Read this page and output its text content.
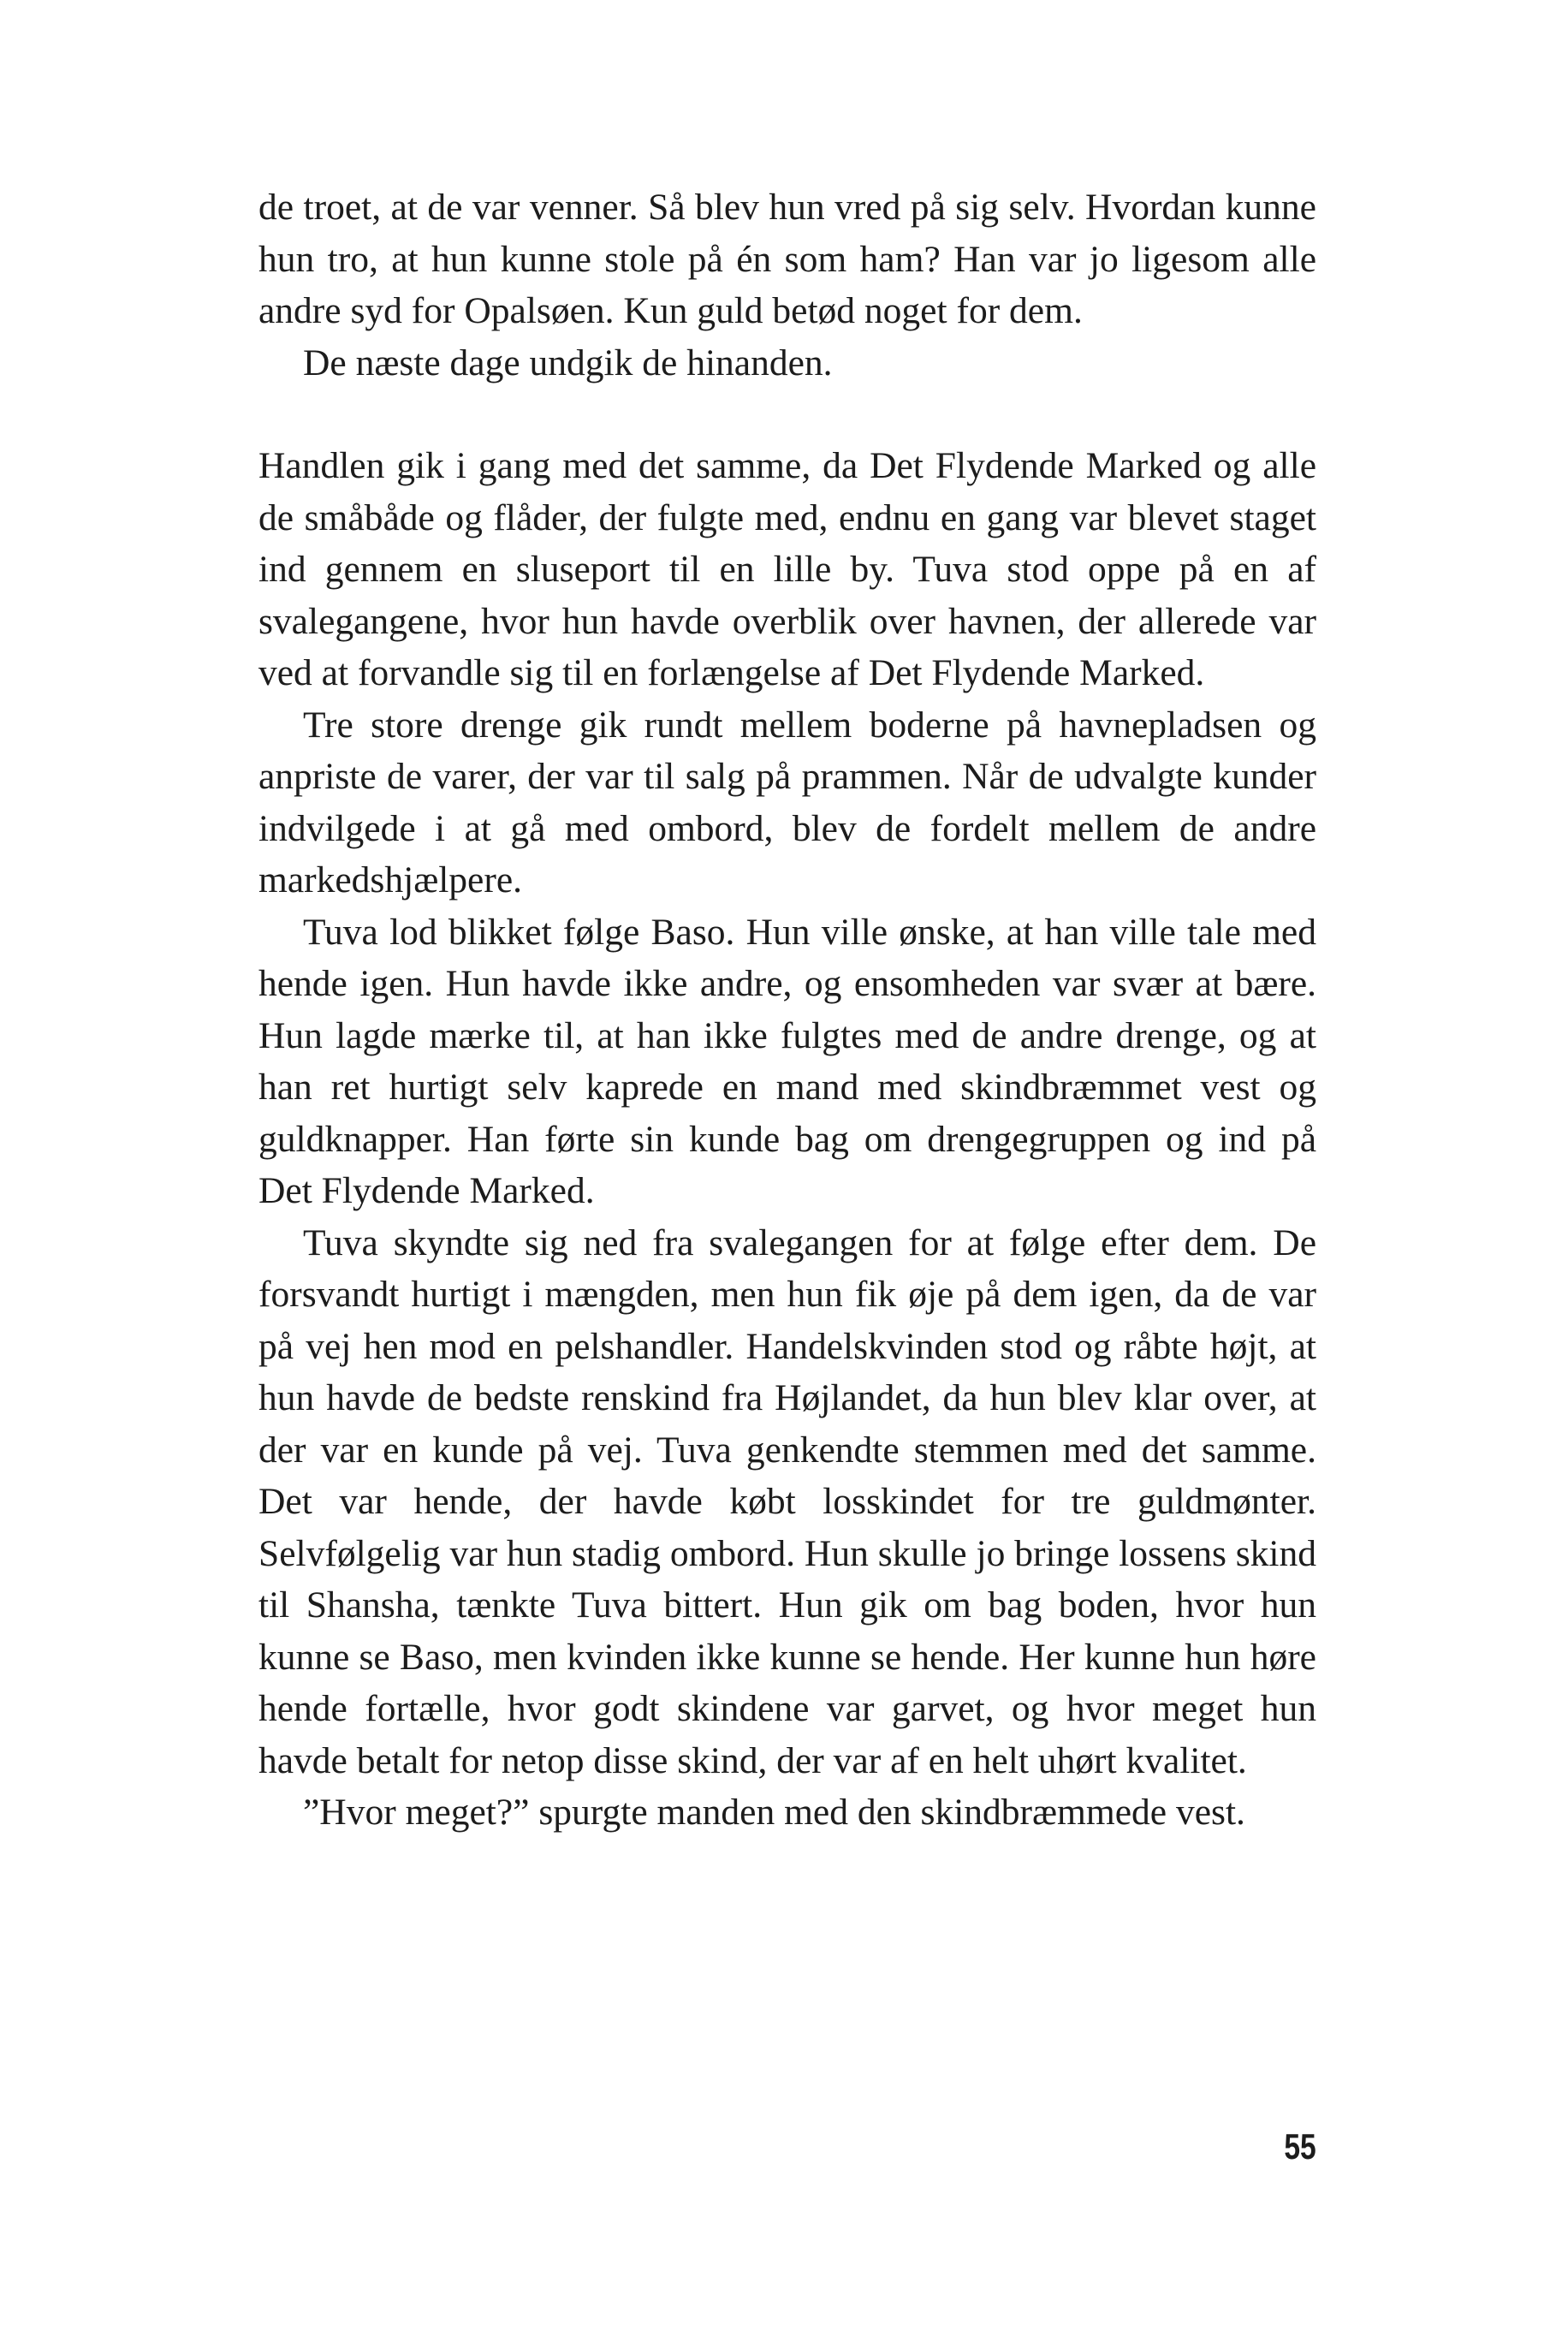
de troet, at de var venner. Så blev hun vred på sig selv. Hvordan kunne hun tro, at hun kunne stole på én som ham? Han var jo ligesom alle andre syd for Opalsøen. Kun guld betød noget for dem.

De næste dage undgik de hinanden.

Handlen gik i gang med det samme, da Det Flydende Marked og alle de småbåde og flåder, der fulgte med, endnu en gang var blevet staget ind gennem en sluseport til en lille by. Tuva stod oppe på en af svalegangene, hvor hun havde overblik over havnen, der allerede var ved at forvandle sig til en forlængelse af Det Flydende Marked.

Tre store drenge gik rundt mellem boderne på havnepladsen og anpriste de varer, der var til salg på prammen. Når de udvalgte kunder indvilgede i at gå med ombord, blev de fordelt mellem de andre markedshjælpere.

Tuva lod blikket følge Baso. Hun ville ønske, at han ville tale med hende igen. Hun havde ikke andre, og ensomheden var svær at bære. Hun lagde mærke til, at han ikke fulgtes med de andre drenge, og at han ret hurtigt selv kaprede en mand med skindbræmmet vest og guldknapper. Han førte sin kunde bag om drengegruppen og ind på Det Flydende Marked.

Tuva skyndte sig ned fra svalegangen for at følge efter dem. De forsvandt hurtigt i mængden, men hun fik øje på dem igen, da de var på vej hen mod en pelshandler. Handelskvinden stod og råbte højt, at hun havde de bedste renskind fra Højlandet, da hun blev klar over, at der var en kunde på vej. Tuva genkendte stemmen med det samme. Det var hende, der havde købt losskindet for tre guldmønter. Selvfølgelig var hun stadig ombord. Hun skulle jo bringe lossens skind til Shansha, tænkte Tuva bittert. Hun gik om bag boden, hvor hun kunne se Baso, men kvinden ikke kunne se hende. Her kunne hun høre hende fortælle, hvor godt skindene var garvet, og hvor meget hun havde betalt for netop disse skind, der var af en helt uhørt kvalitet.

”Hvor meget?” spurgte manden med den skindbræmmede vest.

55
